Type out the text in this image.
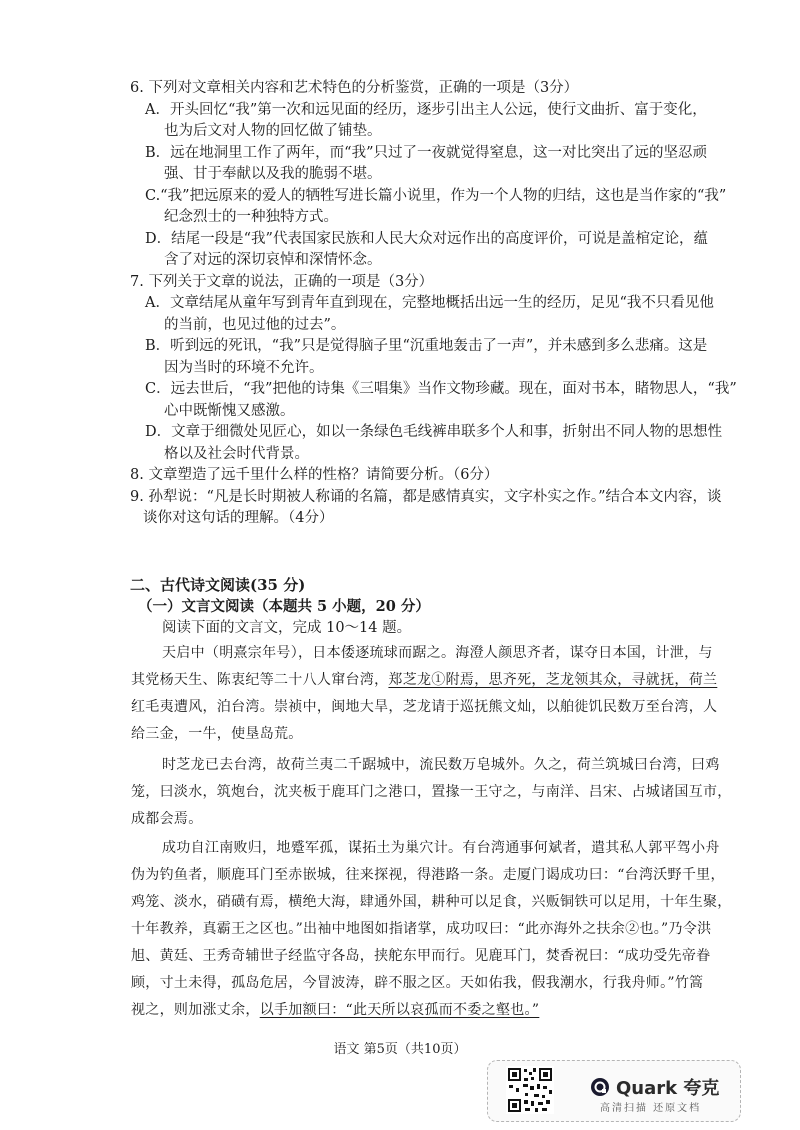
6. 下列对文章相关内容和艺术特色的分析鉴赏，正确的一项是（3分）
A．开头回忆“我”第一次和远见面的经历，逐步引出主人公远，使行文曲折、富于变化，
也为后文对人物的回忆做了铺垫。
B．远在地洞里工作了两年，而“我”只过了一夜就觉得窒息，这一对比突出了远的坚忍顽
强、甘于奉献以及我的脆弱不堪。
C.“我”把远原来的爱人的牺牲写进长篇小说里，作为一个人物的归结，这也是当作家的“我”
纪念烈士的一种独特方式。
D．结尾一段是“我”代表国家民族和人民大众对远作出的高度评价，可说是盖棺定论，蕴
含了对远的深切哀悼和深情怀念。
7. 下列关于文章的说法，正确的一项是（3分）
A．文章结尾从童年写到青年直到现在，完整地概括出远一生的经历，足见“我不只看见他
的当前，也见过他的过去”。
B．听到远的死讯，“我”只是觉得脑子里“沉重地轰击了一声”，并未感到多么悲痛。这是
因为当时的环境不允许。
C．远去世后，“我”把他的诗集《三唱集》当作文物珍藏。现在，面对书本，睹物思人，“我”
心中既惭愧又感激。
D．文章于细微处见匠心，如以一条绿色毛线裤串联多个人和事，折射出不同人物的思想性
格以及社会时代背景。
8. 文章塑造了远千里什么样的性格？请简要分析。（6分）
9. 孙犁说：“凡是长时期被人称诵的名篇，都是感情真实，文字朴实之作。”结合本文内容，谈
谈你对这句话的理解。（4分）
二、古代诗文阅读(35 分)
（一）文言文阅读（本题共 5 小题，20 分）
阅读下面的文言文，完成 10～14 题。
天启中（明熹宗年号），日本倭逐琉球而踞之。海澄人颜思齐者，谋夺日本国，计泄，与
其党杨天生、陈衷纪等二十八人窜台湾，郑芝龙①附焉，思齐死，芝龙领其众，寻就抚，荷兰
红毛夷遭风，泊台湾。崇祯中，闽地大旱，芝龙请于巡抚熊文灿，以舶徙饥民数万至台湾，人
给三金，一牛，使垦岛荒。
时芝龙已去台湾，故荷兰夷二千踞城中，流民数万皂城外。久之，荷兰筑城曰台湾，曰鸡
笼，曰淡水，筑炮台，沈夹板于鹿耳门之港口，置掾一王守之，与南洋、吕宋、占城诸国互市，
成都会焉。
成功自江南败归，地蹙军孤，谋拓土为巢穴计。有台湾通事何斌者，遣其私人郭平驾小舟
伪为钓鱼者，顺鹿耳门至赤嵌城，往来探视，得港路一条。走厦门谒成功曰：“台湾沃野千里，
鸡笼、淡水，硝磺有焉，横绝大海，肆通外国，耕种可以足食，兴贩铜铁可以足用，十年生聚，
十年教养，真霸王之区也。”出袖中地图如指诸掌，成功叹曰：“此亦海外之扶余②也。”乃令洪
旭、黄廷、王秀奇辅世子经监守各岛，挟舵东甲而行。见鹿耳门，焚香祝曰：“成功受先帝眷
顾，寸土未得，孤岛危居，今冒波涛，辟不服之区。天如佑我，假我潮水，行我舟师。”竹篙
视之，则加涨丈余，以手加额曰：“此天所以哀孤而不委之壑也。”
语文 第5页（共10页）
Quark 夸克
高清扫描 还原文档
